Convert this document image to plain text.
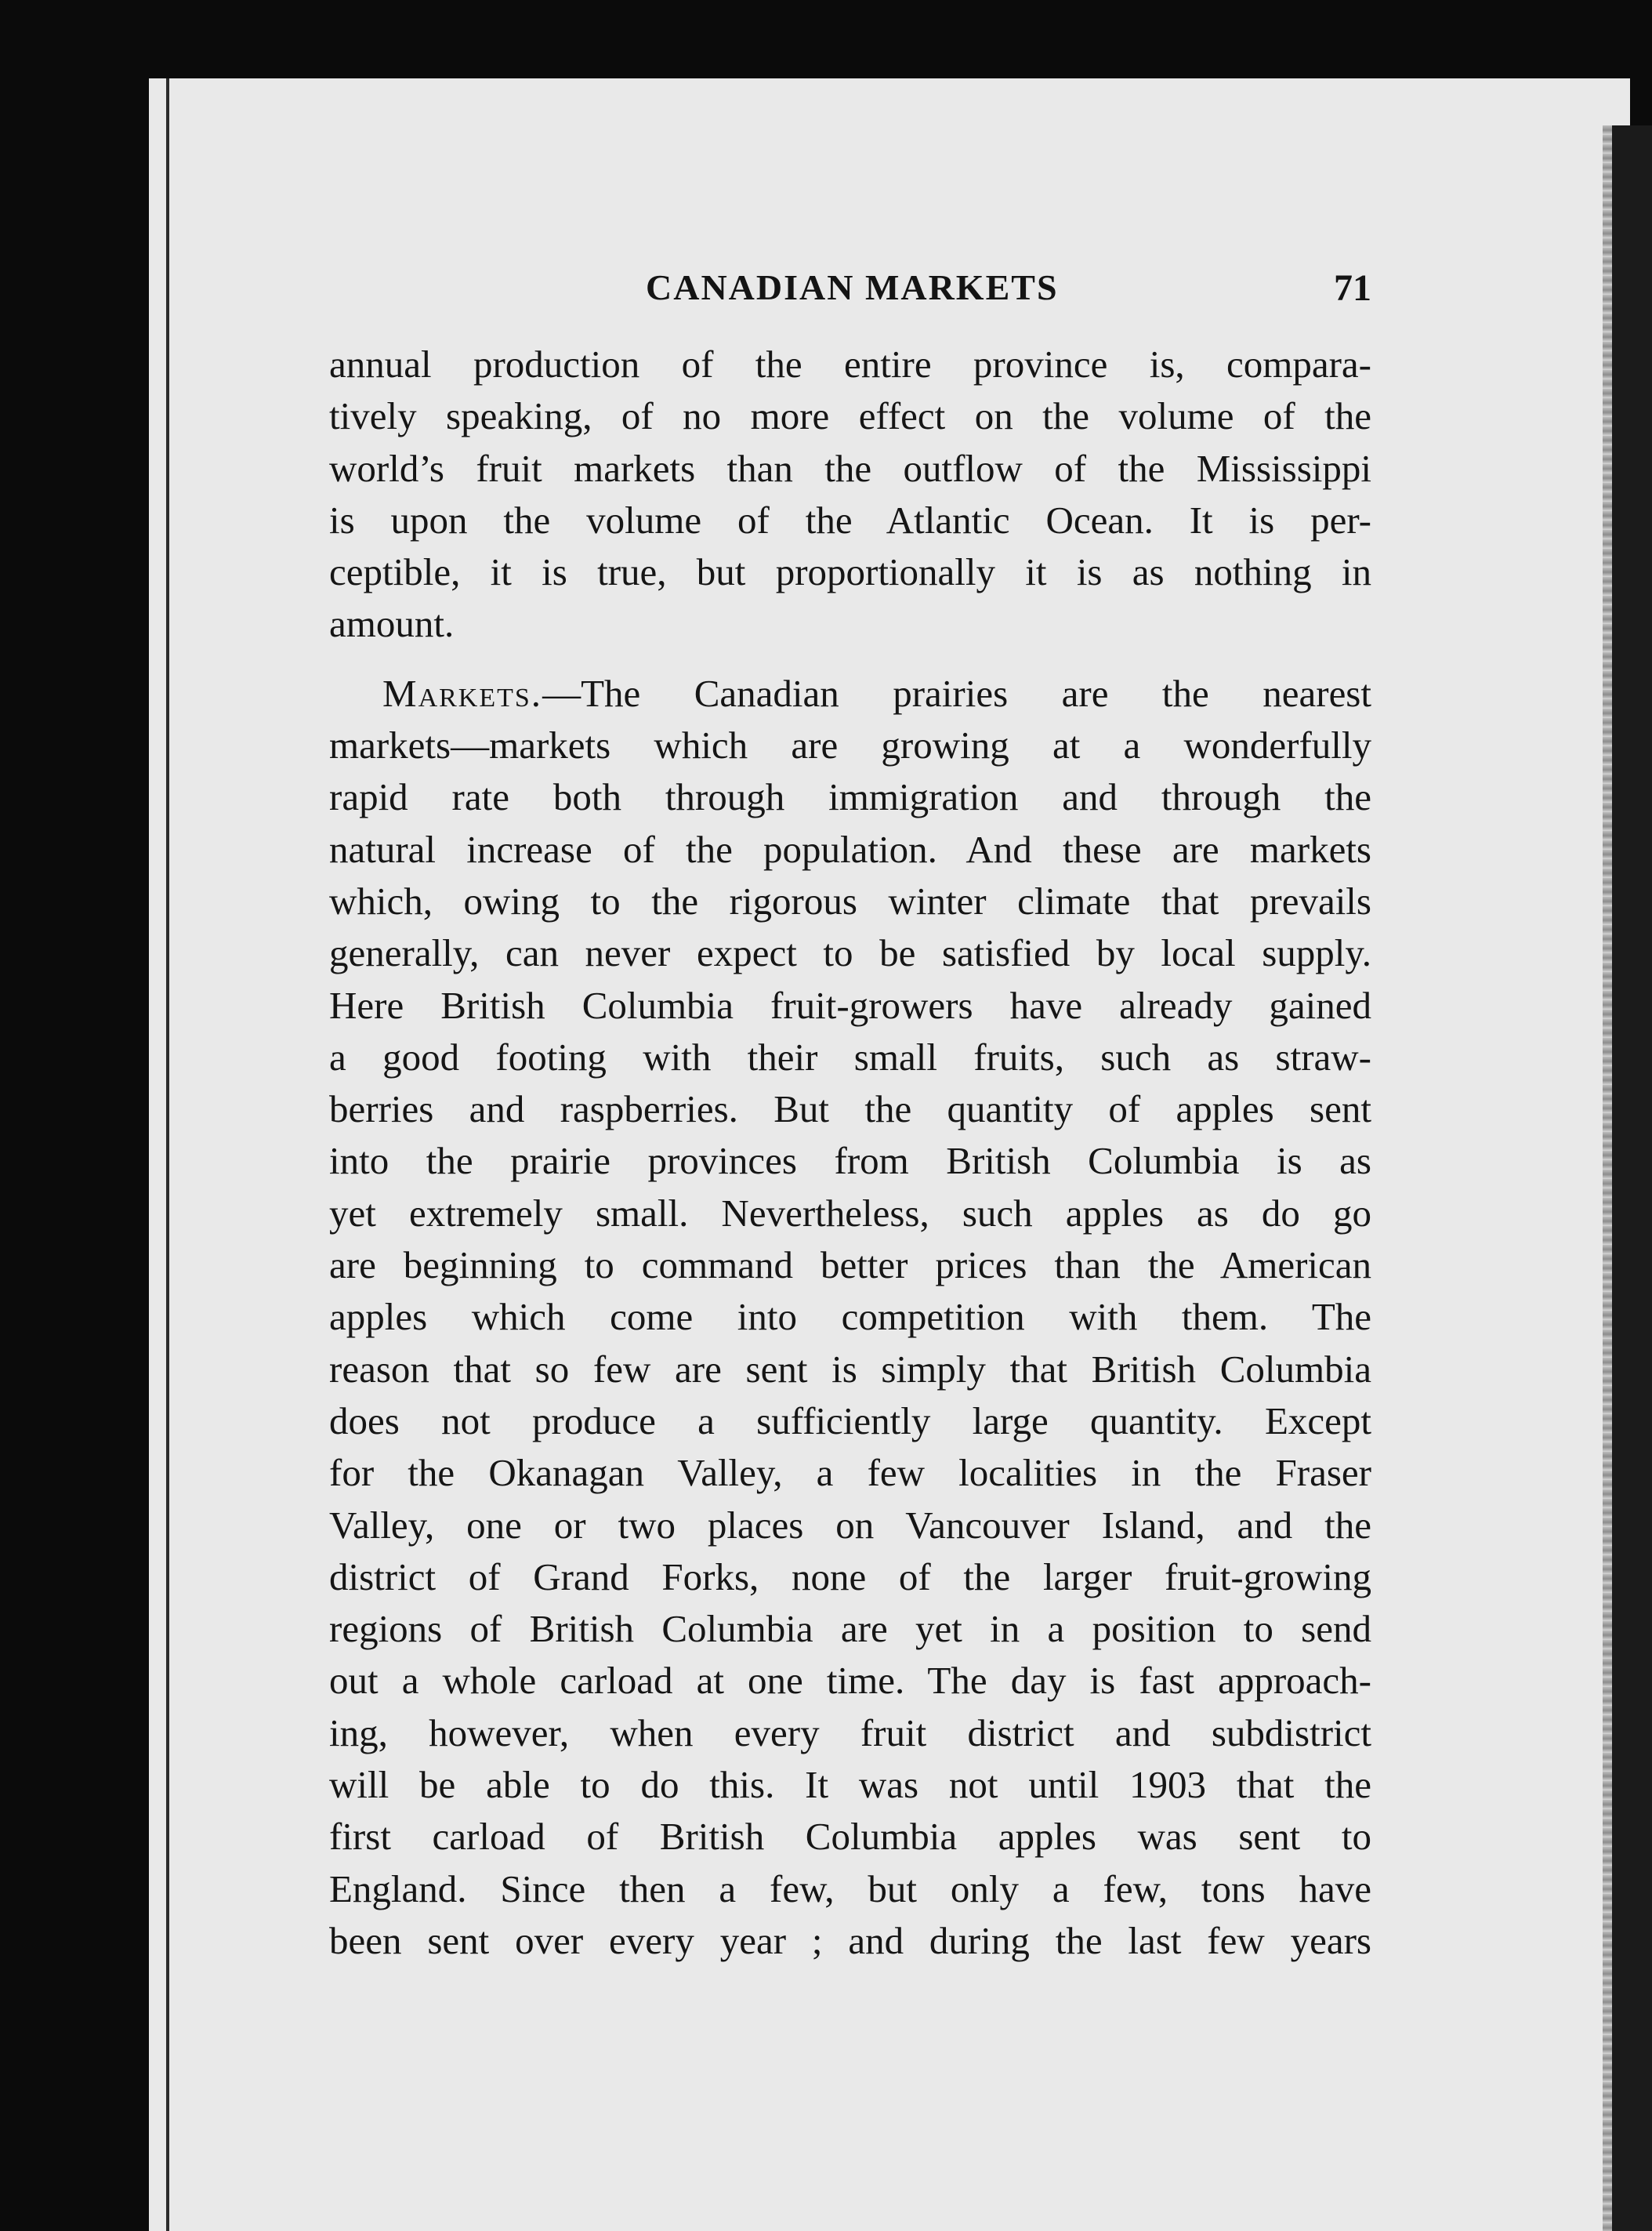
CANADIAN MARKETS	71
annual production of the entire province is, compara-
tively speaking, of no more effect on the volume of the
world’s fruit markets than the outflow of the Mississippi
is upon the volume of the Atlantic Ocean. It is per-
ceptible, it is true, but proportionally it is as nothing in
amount.
Markets.—The Canadian prairies are the nearest
markets—markets which are growing at a wonderfully
rapid rate both through immigration and through the
natural increase of the population. And these are markets
which, owing to the rigorous winter climate that prevails
generally, can never expect to be satisfied by local supply.
Here British Columbia fruit-growers have already gained
a good footing with their small fruits, such as straw-
berries and raspberries. But the quantity of apples sent
into the prairie provinces from British Columbia is as
yet extremely small. Nevertheless, such apples as do go
are beginning to command better prices than the American
apples which come into competition with them. The
reason that so few are sent is simply that British Columbia
does not produce a sufficiently large quantity. Except
for the Okanagan Valley, a few localities in the Fraser
Valley, one or two places on Vancouver Island, and the
district of Grand Forks, none of the larger fruit-growing
regions of British Columbia are yet in a position to send
out a whole carload at one time. The day is fast approach-
ing, however, when every fruit district and subdistrict
will be able to do this. It was not until 1903 that the
first carload of British Columbia apples was sent to
England. Since then a few, but only a few, tons have
been sent over every year ; and during the last few years
